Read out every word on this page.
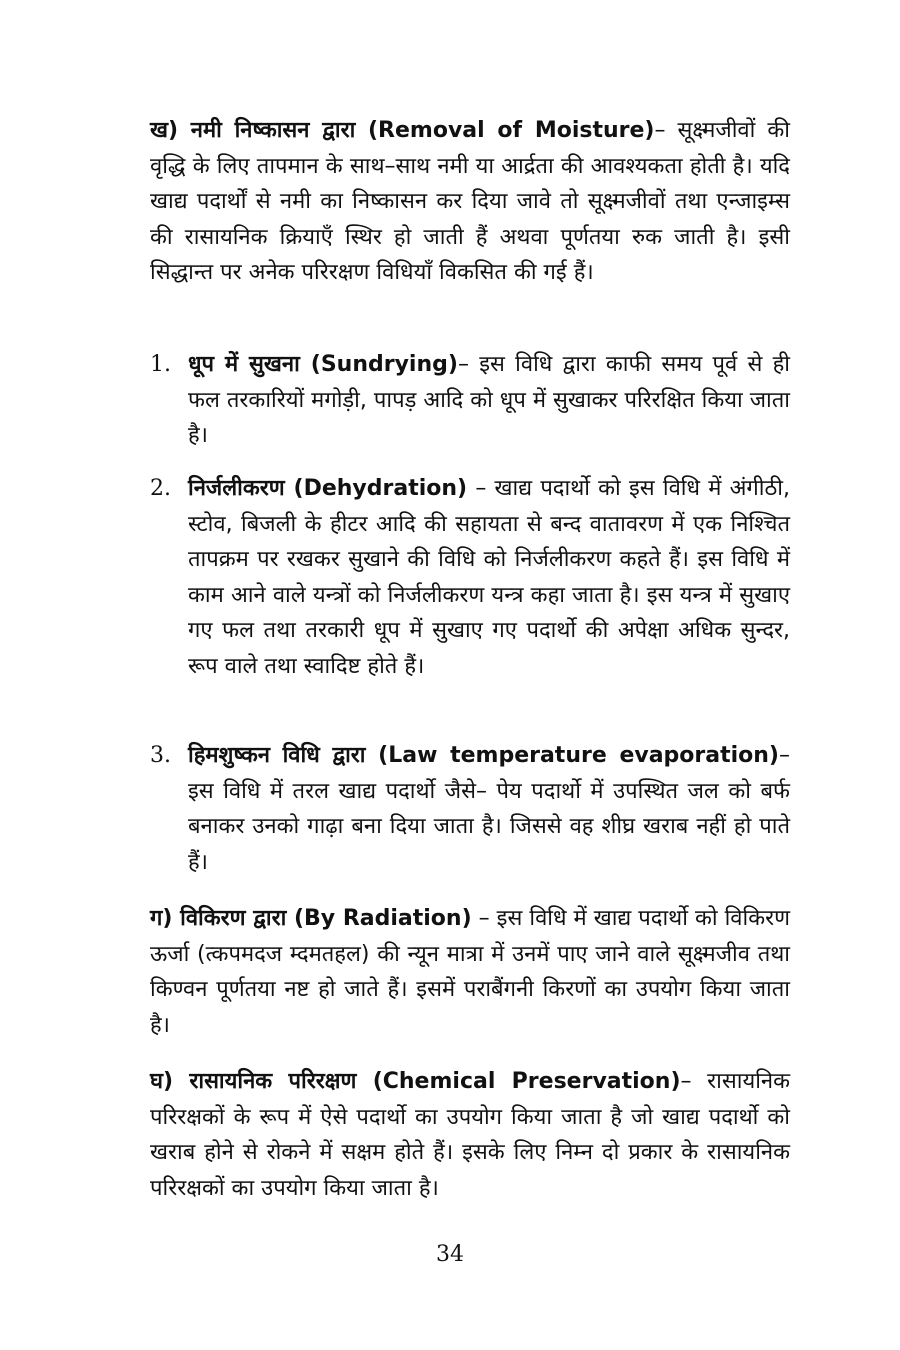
ख) नमी निष्कासन द्वारा (Removal of Moisture)– सूक्ष्मजीवों की वृद्धि के लिए तापमान के साथ–साथ नमी या आर्द्रता की आवश्यकता होती है। यदि खाद्य पदार्थों से नमी का निष्कासन कर दिया जावे तो सूक्ष्मजीवों तथा एन्जाइम्स की रासायनिक क्रियाएँ स्थिर हो जाती हैं अथवा पूर्णतया रुक जाती है। इसी सिद्धान्त पर अनेक परिरक्षण विधियाँ विकसित की गई हैं।

1. धूप में सुखना (Sundrying)– इस विधि द्वारा काफी समय पूर्व से ही फल तरकारियों मगोड़ी, पापड़ आदि को धूप में सुखाकर परिरक्षित किया जाता है।
2. निर्जलीकरण (Dehydration) – खाद्य पदार्थो को इस विधि में अंगीठी, स्टोव, बिजली के हीटर आदि की सहायता से बन्द वातावरण में एक निश्चित तापक्रम पर रखकर सुखाने की विधि को निर्जलीकरण कहते हैं। इस विधि में काम आने वाले यन्त्रों को निर्जलीकरण यन्त्र कहा जाता है। इस यन्त्र में सुखाए गए फल तथा तरकारी धूप में सुखाए गए पदार्थो की अपेक्षा अधिक सुन्दर, रूप वाले तथा स्वादिष्ट होते हैं।
3. हिमशुष्कन विधि द्वारा (Law temperature evaporation)– इस विधि में तरल खाद्य पदार्थो जैसे– पेय पदार्थो में उपस्थित जल को बर्फ बनाकर उनको गाढ़ा बना दिया जाता है। जिससे वह शीघ्र खराब नहीं हो पाते हैं।

ग) विकिरण द्वारा (By Radiation) – इस विधि में खाद्य पदार्थो को विकिरण ऊर्जा (त्कपमदज म्दमतहल) की न्यून मात्रा में उनमें पाए जाने वाले सूक्ष्मजीव तथा किण्वन पूर्णतया नष्ट हो जाते हैं। इसमें पराबैंगनी किरणों का उपयोग किया जाता है।

घ) रासायनिक परिरक्षण (Chemical Preservation)– रासायनिक परिरक्षकों के रूप में ऐसे पदार्थो का उपयोग किया जाता है जो खाद्य पदार्थो को खराब होने से रोकने में सक्षम होते हैं। इसके लिए निम्न दो प्रकार के रासायनिक परिरक्षकों का उपयोग किया जाता है।

34
